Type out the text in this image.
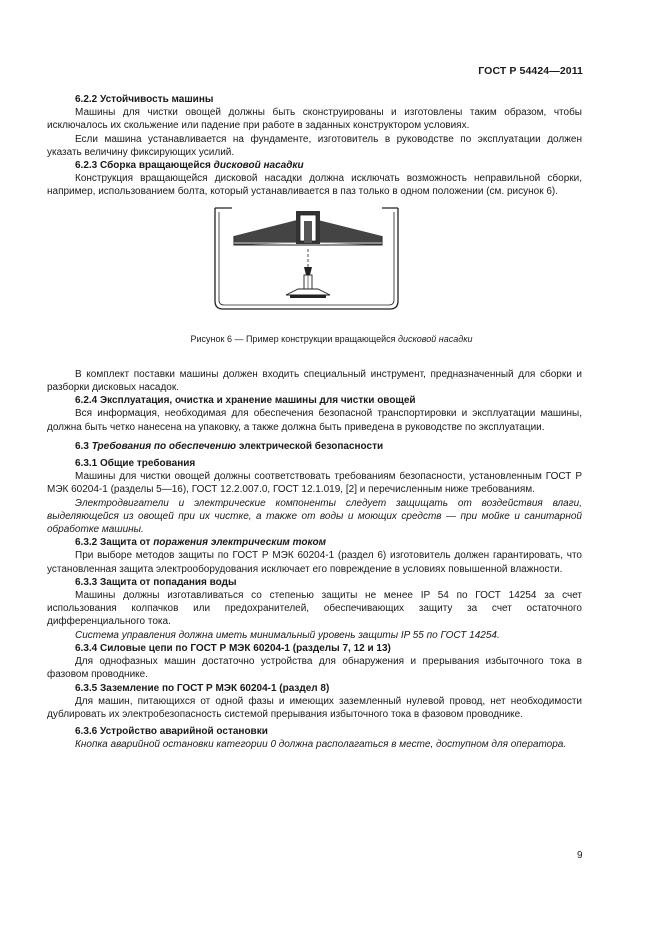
ГОСТ Р 54424—2011

6.2.2 Устойчивость машины

Машины для чистки овощей должны быть сконструированы и изготовлены таким образом, чтобы исключалось их скольжение или падение при работе в заданных конструктором условиях.

Если машина устанавливается на фундаменте, изготовитель в руководстве по эксплуатации должен указать величину фиксирующих усилий.

6.2.3 Сборка вращающейся дисковой насадки

Конструкция вращающейся дисковой насадки должна исключать возможность неправильной сборки, например, использованием болта, который устанавливается в паз только в одном положении (см. рисунок 6).

Рисунок 6 — Пример конструкции вращающейся дисковой насадки

В комплект поставки машины должен входить специальный инструмент, предназначенный для сборки и разборки дисковых насадок.

6.2.4 Эксплуатация, очистка и хранение машины для чистки овощей

Вся информация, необходимая для обеспечения безопасной транспортировки и эксплуатации машины, должна быть четко нанесена на упаковку, а также должна быть приведена в руководстве по эксплуатации.

6.3 Требования по обеспечению электрической безопасности

6.3.1 Общие требования

Машины для чистки овощей должны соответствовать требованиям безопасности, установленным ГОСТ Р МЭК 60204-1 (разделы 5—16), ГОСТ 12.2.007.0, ГОСТ 12.1.019, [2] и перечисленным ниже требованиям.

Электродвигатели и электрические компоненты следует защищать от воздействия влаги, выделяющейся из овощей при их чистке, а также от воды и моющих средств — при мойке и санитарной обработке машины.

6.3.2 Защита от поражения электрическим током

При выборе методов защиты по ГОСТ Р МЭК 60204-1 (раздел 6) изготовитель должен гарантировать, что установленная защита электрооборудования исключает его повреждение в условиях повышенной влажности.

6.3.3 Защита от попадания воды

Машины должны изготавливаться со степенью защиты не менее IP 54 по ГОСТ 14254 за счет использования колпачков или предохранителей, обеспечивающих защиту за счет остаточного дифференциального тока.

Система управления должна иметь минимальный уровень защиты IP 55 по ГОСТ 14254.

6.3.4 Силовые цепи по ГОСТ Р МЭК 60204-1 (разделы 7, 12 и 13)

Для однофазных машин достаточно устройства для обнаружения и прерывания избыточного тока в фазовом проводнике.

6.3.5 Заземление по ГОСТ Р МЭК 60204-1 (раздел 8)

Для машин, питающихся от одной фазы и имеющих заземленный нулевой провод, нет необходимости дублировать их электробезопасность системой прерывания избыточного тока в фазовом проводнике.

6.3.6 Устройство аварийной остановки

Кнопка аварийной остановки категории 0 должна располагаться в месте, доступном для оператора.

9
